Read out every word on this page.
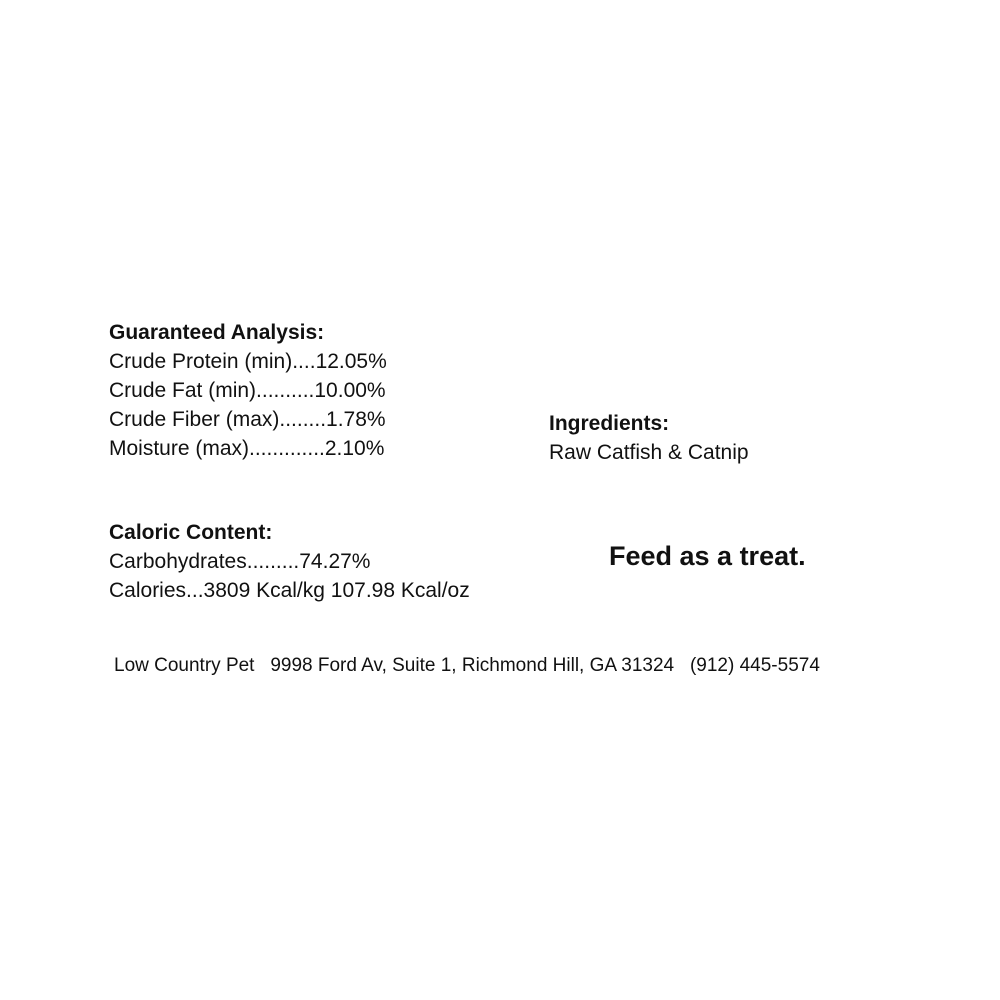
Guaranteed Analysis:

Crude Protein (min)....12.05%

Crude Fat (min)..........10.00%

Crude Fiber (max)........1.78%

Moisture (max).............2.10%

Ingredients:

Raw Catfish & Catnip

Caloric Content:

Carbohydrates.........74.27%

Calories...3809 Kcal/kg 107.98 Kcal/oz

Feed as a treat.
Low Country Pet 9998 Ford Av, Suite 1, Richmond Hill, GA 31324 (912) 445-5574
